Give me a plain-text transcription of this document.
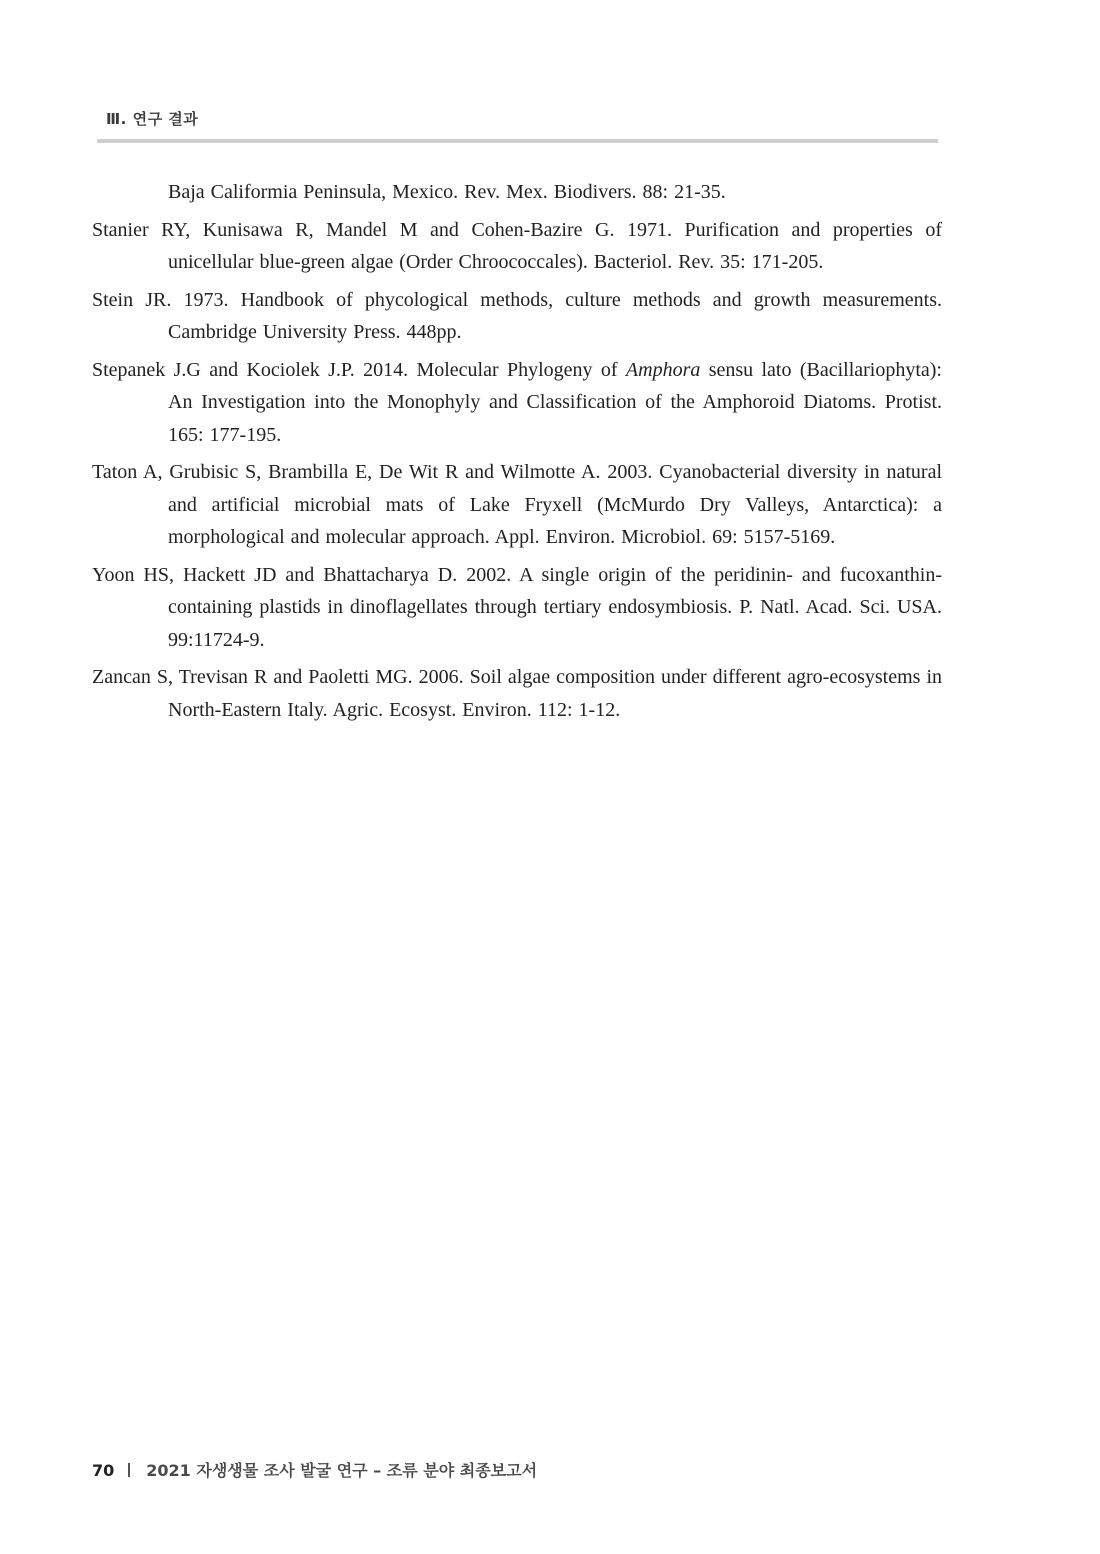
Ⅲ. 연구 결과
Baja Califormia Peninsula, Mexico. Rev. Mex. Biodivers. 88: 21-35.
Stanier RY, Kunisawa R, Mandel M and Cohen-Bazire G. 1971. Purification and properties of unicellular blue-green algae (Order Chroococcales). Bacteriol. Rev. 35: 171-205.
Stein JR. 1973. Handbook of phycological methods, culture methods and growth measurements. Cambridge University Press. 448pp.
Stepanek J.G and Kociolek J.P. 2014. Molecular Phylogeny of Amphora sensu lato (Bacillariophyta): An Investigation into the Monophyly and Classification of the Amphoroid Diatoms. Protist. 165: 177-195.
Taton A, Grubisic S, Brambilla E, De Wit R and Wilmotte A. 2003. Cyanobacterial diversity in natural and artificial microbial mats of Lake Fryxell (McMurdo Dry Valleys, Antarctica): a morphological and molecular approach. Appl. Environ. Microbiol. 69: 5157-5169.
Yoon HS, Hackett JD and Bhattacharya D. 2002. A single origin of the peridinin- and fucoxanthin-containing plastids in dinoflagellates through tertiary endosymbiosis. P. Natl. Acad. Sci. USA. 99:11724-9.
Zancan S, Trevisan R and Paoletti MG. 2006. Soil algae composition under different agro-ecosystems in North-Eastern Italy. Agric. Ecosyst. Environ. 112: 1-12.
70 2021 자생생물 조사 발굴 연구 – 조류 분야 최종보고서
